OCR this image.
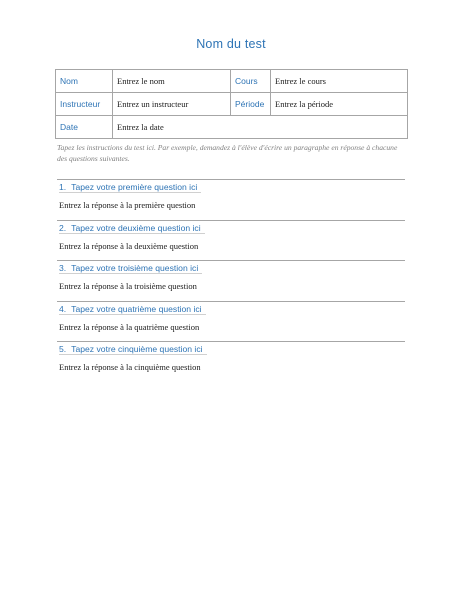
Nom du test
Nom	Entrez le nom	Cours	Entrez le cours
Instructeur	Entrez un instructeur	Période	Entrez la période
Date	Entrez la date		
Tapez les instructions du test ici. Par exemple, demandez à l'élève d'écrire un paragraphe en réponse à chacune des questions suivantes.
1. Tapez votre première question ici
Entrez la réponse à la première question
2. Tapez votre deuxième question ici
Entrez la réponse à la deuxième question
3. Tapez votre troisième question ici
Entrez la réponse à la troisième question
4. Tapez votre quatrième question ici
Entrez la réponse à la quatrième question
5. Tapez votre cinquième question ici
Entrez la réponse à la cinquième question
